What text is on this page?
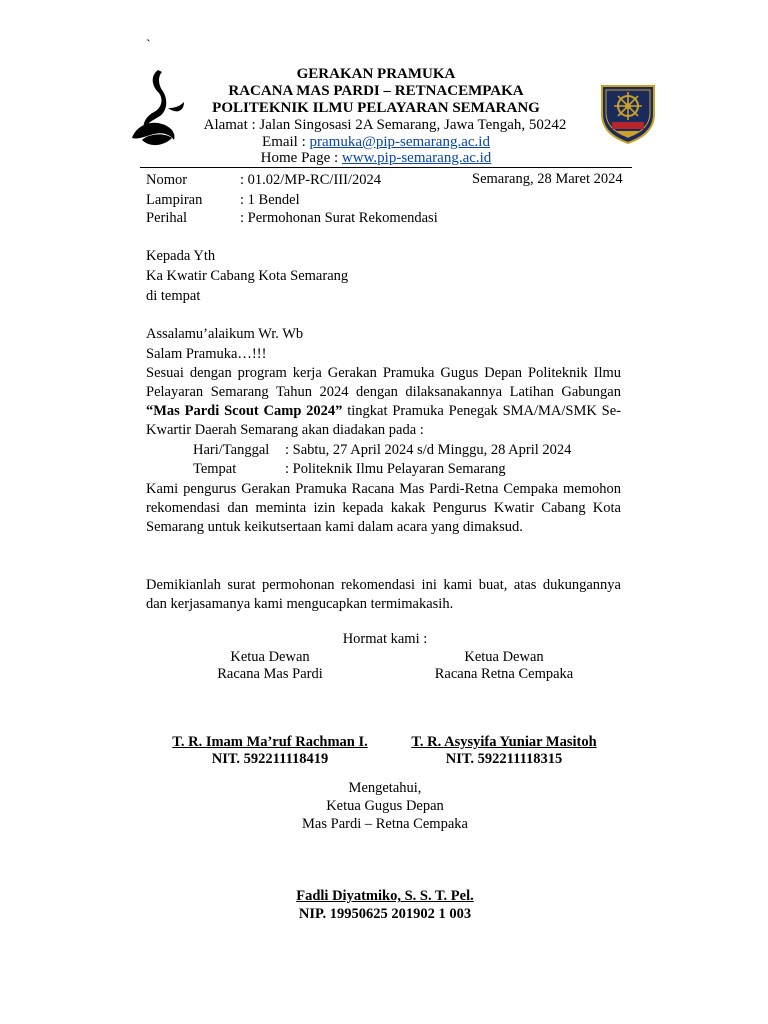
`
GERAKAN PRAMUKA
RACANA MAS PARDI – RETNACEMPAKA
POLITEKNIK ILMU PELAYARAN SEMARANG
Alamat : Jalan Singosasi 2A Semarang, Jawa Tengah, 50242
Email : pramuka@pip-semarang.ac.id
Home Page : www.pip-semarang.ac.id
Nomor	: 01.02/MP-RC/III/2024	Semarang, 28 Maret 2024
Lampiran	: 1 Bendel
Perihal	: Permohonan Surat Rekomendasi
Kepada Yth
Ka Kwatir Cabang Kota Semarang
di tempat
Assalamu’alaikum Wr. Wb
Salam Pramuka…!!!
Sesuai dengan program kerja Gerakan Pramuka Gugus Depan Politeknik Ilmu Pelayaran Semarang Tahun 2024 dengan dilaksanakannya Latihan Gabungan “Mas Pardi Scout Camp 2024” tingkat Pramuka Penegak SMA/MA/SMK Se-Kwartir Daerah Semarang akan diadakan pada :
Hari/Tanggal : Sabtu, 27 April 2024 s/d Minggu, 28 April 2024
Tempat	: Politeknik Ilmu Pelayaran Semarang
Kami pengurus Gerakan Pramuka Racana Mas Pardi-Retna Cempaka memohon rekomendasi dan meminta izin kepada kakak Pengurus Kwatir Cabang Kota Semarang untuk keikutsertaan kami dalam acara yang dimaksud.
Demikianlah surat permohonan rekomendasi ini kami buat, atas dukungannya dan kerjasamanya kami mengucapkan termimakasih.
Hormat kami :
Ketua Dewan
Racana Mas Pardi
Ketua Dewan
Racana Retna Cempaka
T. R. Imam Ma’ruf Rachman I.
NIT. 592211118419
T. R. Asysyifa Yuniar Masitoh
NIT. 592211118315
Mengetahui,
Ketua Gugus Depan
Mas Pardi – Retna Cempaka
Fadli Diyatmiko, S. S. T. Pel.
NIP. 19950625 201902 1 003
